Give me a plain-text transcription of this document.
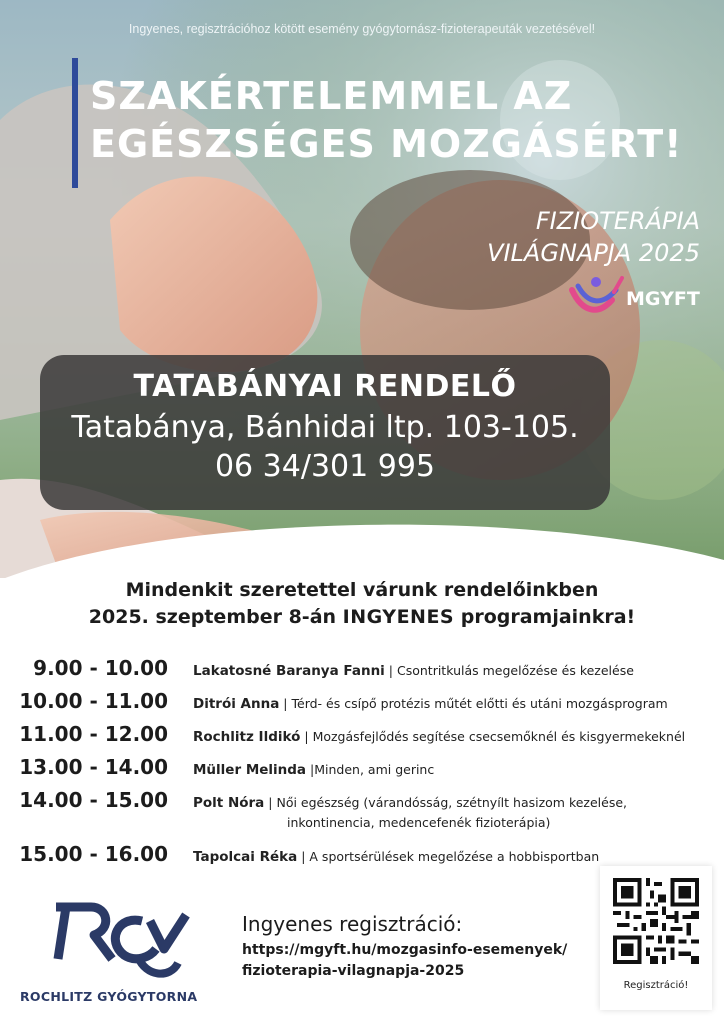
Ingyenes, regisztrációhoz kötött esemény gyógytornász-fizioterapeuták vezetésével!
SZAKÉRTELEMMEL AZ
EGÉSZSÉGES MOZGÁSÉRT!
FIZIOTERÁPIA
VILÁGNAPJA 2025
MGYFT
TATABÁNYAI RENDELŐ
Tatabánya, Bánhidai ltp. 103-105.
06 34/301 995
Mindenkit szeretettel várunk rendelőinkben
2025. szeptember 8-án INGYENES programjainkra!
9.00 - 10.00 Lakatosné Baranya Fanni | Csontritkulás megelőzése és kezelése
10.00 - 11.00 Ditrói Anna | Térd- és csípő protézis műtét előtti és utáni mozgásprogram
11.00 - 12.00 Rochlitz Ildikó | Mozgásfejlődés segítése csecsemőknél és kisgyermekeknél
13.00 - 14.00 Müller Melinda |Minden, ami gerinc
14.00 - 15.00 Polt Nóra | Női egészség (várandósság, szétnyílt hasizom kezelése,
inkontinencia, medencefenék fizioterápia)
15.00 - 16.00 Tapolcai Réka | A sportsérülések megelőzése a hobbisportban
ROCHLITZ GYÓGYTORNA
Ingyenes regisztráció:
https://mgyft.hu/mozgasinfo-esemenyek/
fizioterapia-vilagnapja-2025
Regisztráció!
